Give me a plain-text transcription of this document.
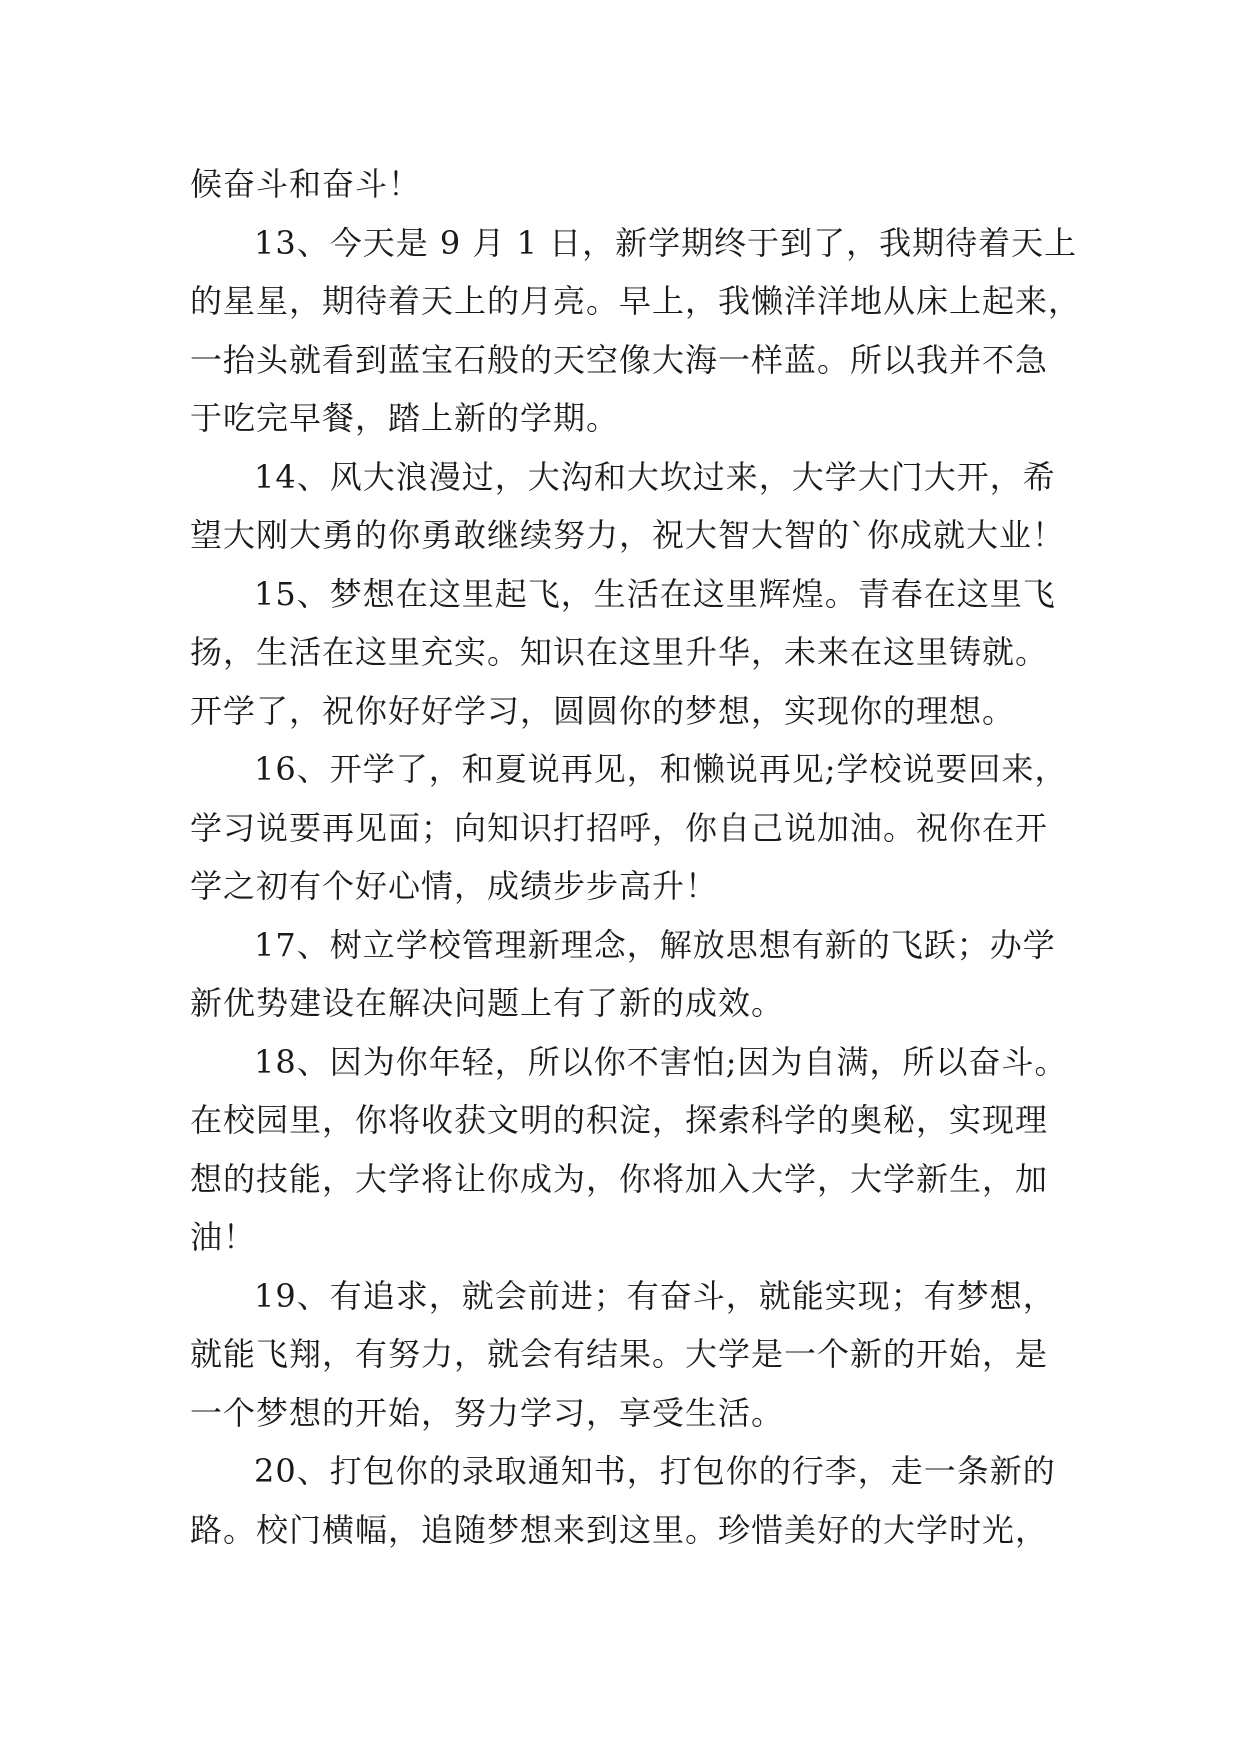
候奋斗和奋斗！
13、今天是 9 月 1 日，新学期终于到了，我期待着天上
的星星，期待着天上的月亮。早上，我懒洋洋地从床上起来，
一抬头就看到蓝宝石般的天空像大海一样蓝。所以我并不急
于吃完早餐，踏上新的学期。
14、风大浪漫过，大沟和大坎过来，大学大门大开，希
望大刚大勇的你勇敢继续努力，祝大智大智的`你成就大业！
15、梦想在这里起飞，生活在这里辉煌。青春在这里飞
扬，生活在这里充实。知识在这里升华，未来在这里铸就。
开学了，祝你好好学习，圆圆你的梦想，实现你的理想。
16、开学了，和夏说再见，和懒说再见;学校说要回来，
学习说要再见面；向知识打招呼，你自己说加油。祝你在开
学之初有个好心情，成绩步步高升！
17、树立学校管理新理念，解放思想有新的飞跃；办学
新优势建设在解决问题上有了新的成效。
18、因为你年轻，所以你不害怕;因为自满，所以奋斗。
在校园里，你将收获文明的积淀，探索科学的奥秘，实现理
想的技能，大学将让你成为，你将加入大学，大学新生，加
油！
19、有追求，就会前进；有奋斗，就能实现；有梦想，
就能飞翔，有努力，就会有结果。大学是一个新的开始，是
一个梦想的开始，努力学习，享受生活。
20、打包你的录取通知书，打包你的行李，走一条新的
路。校门横幅，追随梦想来到这里。珍惜美好的大学时光，
